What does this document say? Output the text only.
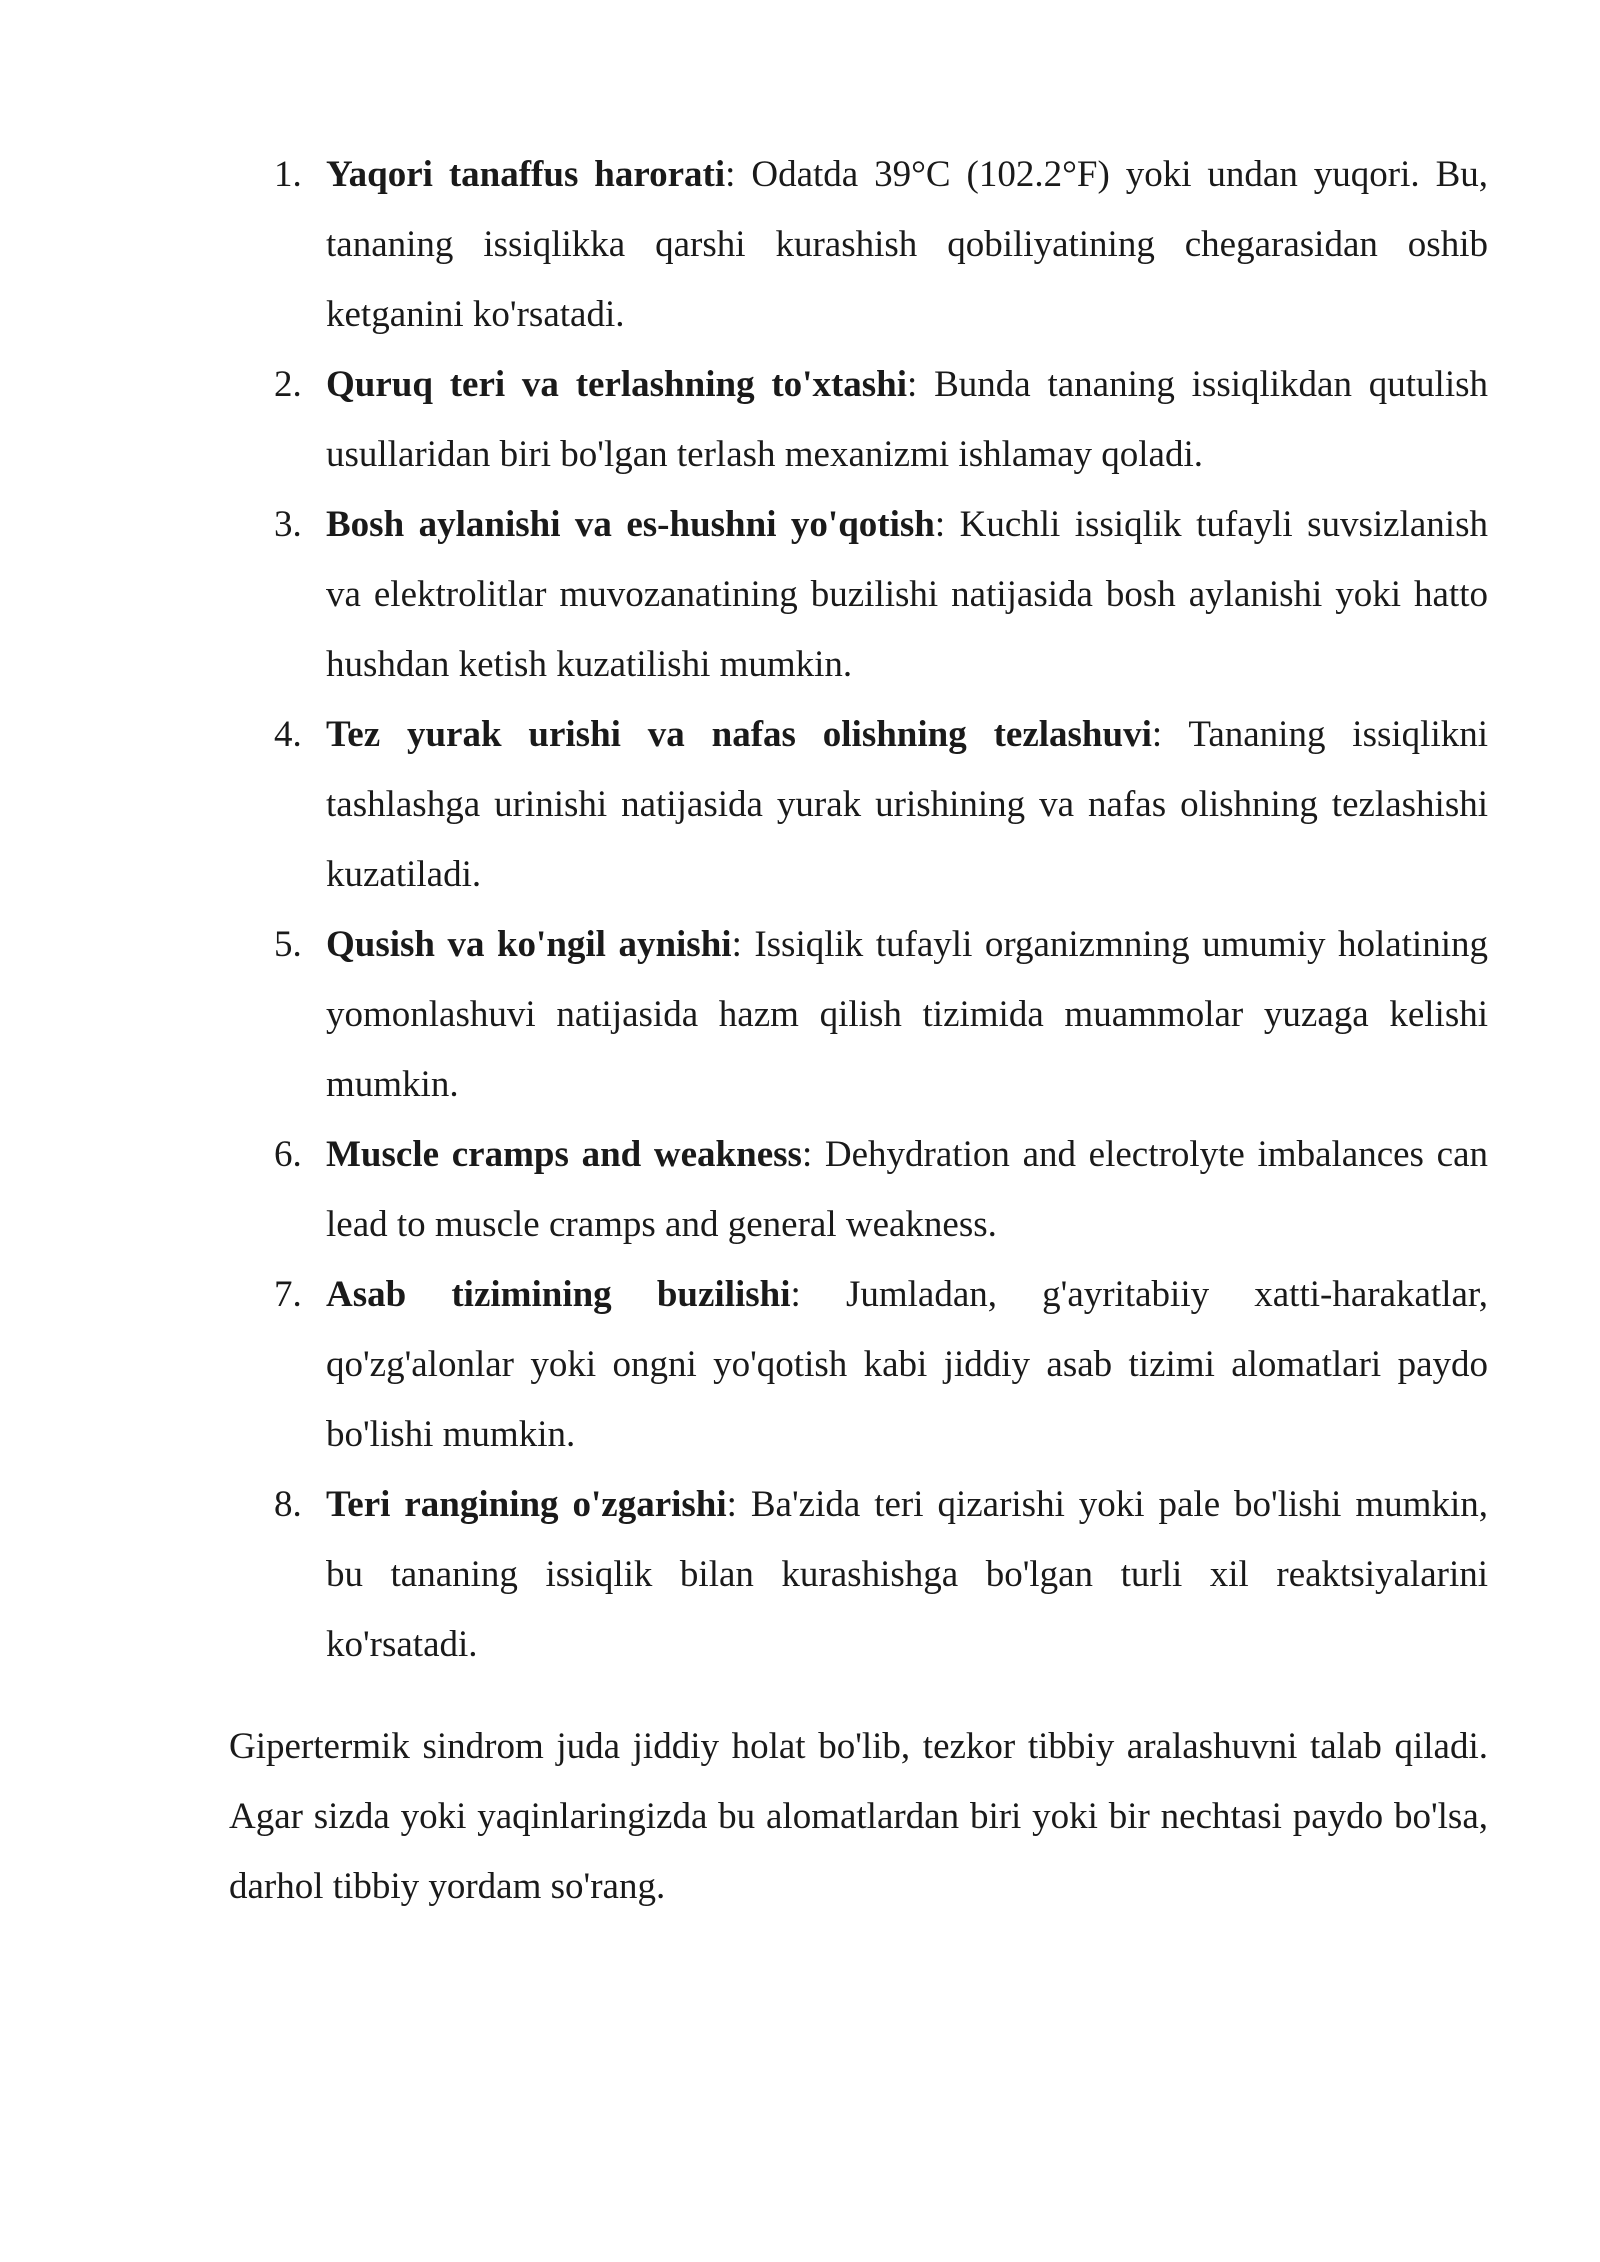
1. Yaqori tanaffus harorati: Odatda 39°C (102.2°F) yoki undan yuqori. Bu, tananing issiqlikka qarshi kurashish qobiliyatining chegarasidan oshib ketganini ko'rsatadi.
2. Quruq teri va terlashning to'xtashi: Bunda tananing issiqlikdan qutulish usullaridan biri bo'lgan terlash mexanizmi ishlamay qoladi.
3. Bosh aylanishi va es-hushni yo'qotish: Kuchli issiqlik tufayli suvsizlanish va elektrolitlar muvozanatining buzilishi natijasida bosh aylanishi yoki hatto hushdan ketish kuzatilishi mumkin.
4. Tez yurak urishi va nafas olishning tezlashuvi: Tananing issiqlikni tashlashga urinishi natijasida yurak urishining va nafas olishning tezlashishi kuzatiladi.
5. Qusish va ko'ngil aynishi: Issiqlik tufayli organizmning umumiy holatining yomonlashuvi natijasida hazm qilish tizimida muammolar yuzaga kelishi mumkin.
6. Muscle cramps and weakness: Dehydration and electrolyte imbalances can lead to muscle cramps and general weakness.
7. Asab tizimining buzilishi: Jumladan, g'ayritabiiy xatti-harakatlar, qo'zg'alonlar yoki ongni yo'qotish kabi jiddiy asab tizimi alomatlari paydo bo'lishi mumkin.
8. Teri rangining o'zgarishi: Ba'zida teri qizarishi yoki pale bo'lishi mumkin, bu tananing issiqlik bilan kurashishga bo'lgan turli xil reaktsiyalarini ko'rsatadi.

Gipertermik sindrom juda jiddiy holat bo'lib, tezkor tibbiy aralashuvni talab qiladi. Agar sizda yoki yaqinlaringizda bu alomatlardan biri yoki bir nechtasi paydo bo'lsa, darhol tibbiy yordam so'rang.
